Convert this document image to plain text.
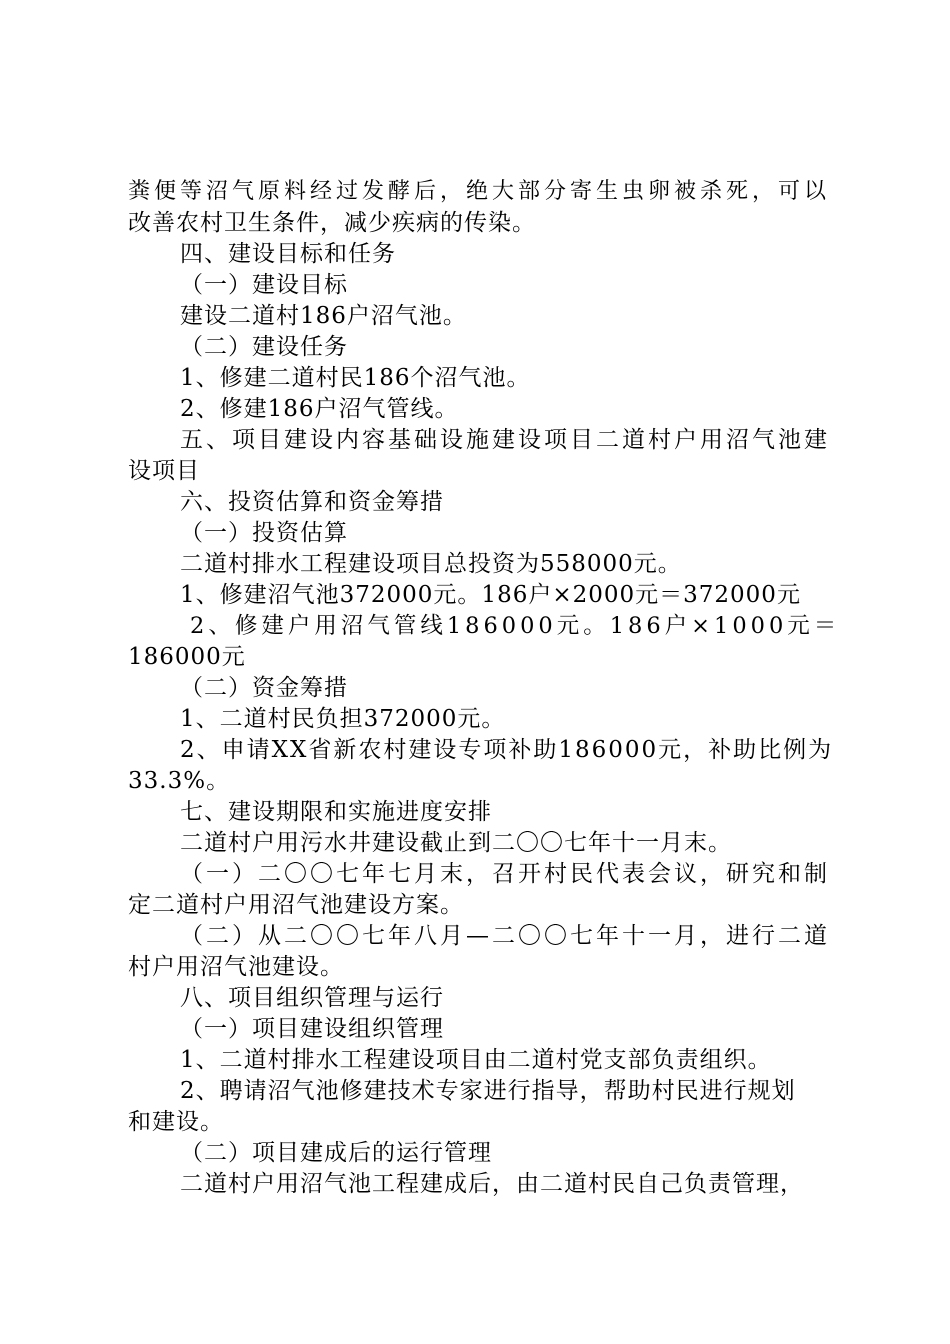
粪便等沼气原料经过发酵后，绝大部分寄生虫卵被杀死，可以
改善农村卫生条件，减少疾病的传染。
四、建设目标和任务
（一）建设目标
建设二道村186户沼气池。
（二）建设任务
1、修建二道村民186个沼气池。
2、修建186户沼气管线。
五、项目建设内容基础设施建设项目二道村户用沼气池建
设项目
六、投资估算和资金筹措
（一）投资估算
二道村排水工程建设项目总投资为558000元。
1、修建沼气池372000元。186户×2000元＝372000元
2、修建户用沼气管线186000元。186户×1000元＝
186000元
（二）资金筹措
1、二道村民负担372000元。
2、申请XX省新农村建设专项补助186000元，补助比例为
33.3%。
七、建设期限和实施进度安排
二道村户用污水井建设截止到二〇〇七年十一月末。
（一）二〇〇七年七月末，召开村民代表会议，研究和制
定二道村户用沼气池建设方案。
（二）从二〇〇七年八月—二〇〇七年十一月，进行二道
村户用沼气池建设。
八、项目组织管理与运行
（一）项目建设组织管理
1、二道村排水工程建设项目由二道村党支部负责组织。
2、聘请沼气池修建技术专家进行指导，帮助村民进行规划
和建设。
（二）项目建成后的运行管理
二道村户用沼气池工程建成后，由二道村民自己负责管理，
